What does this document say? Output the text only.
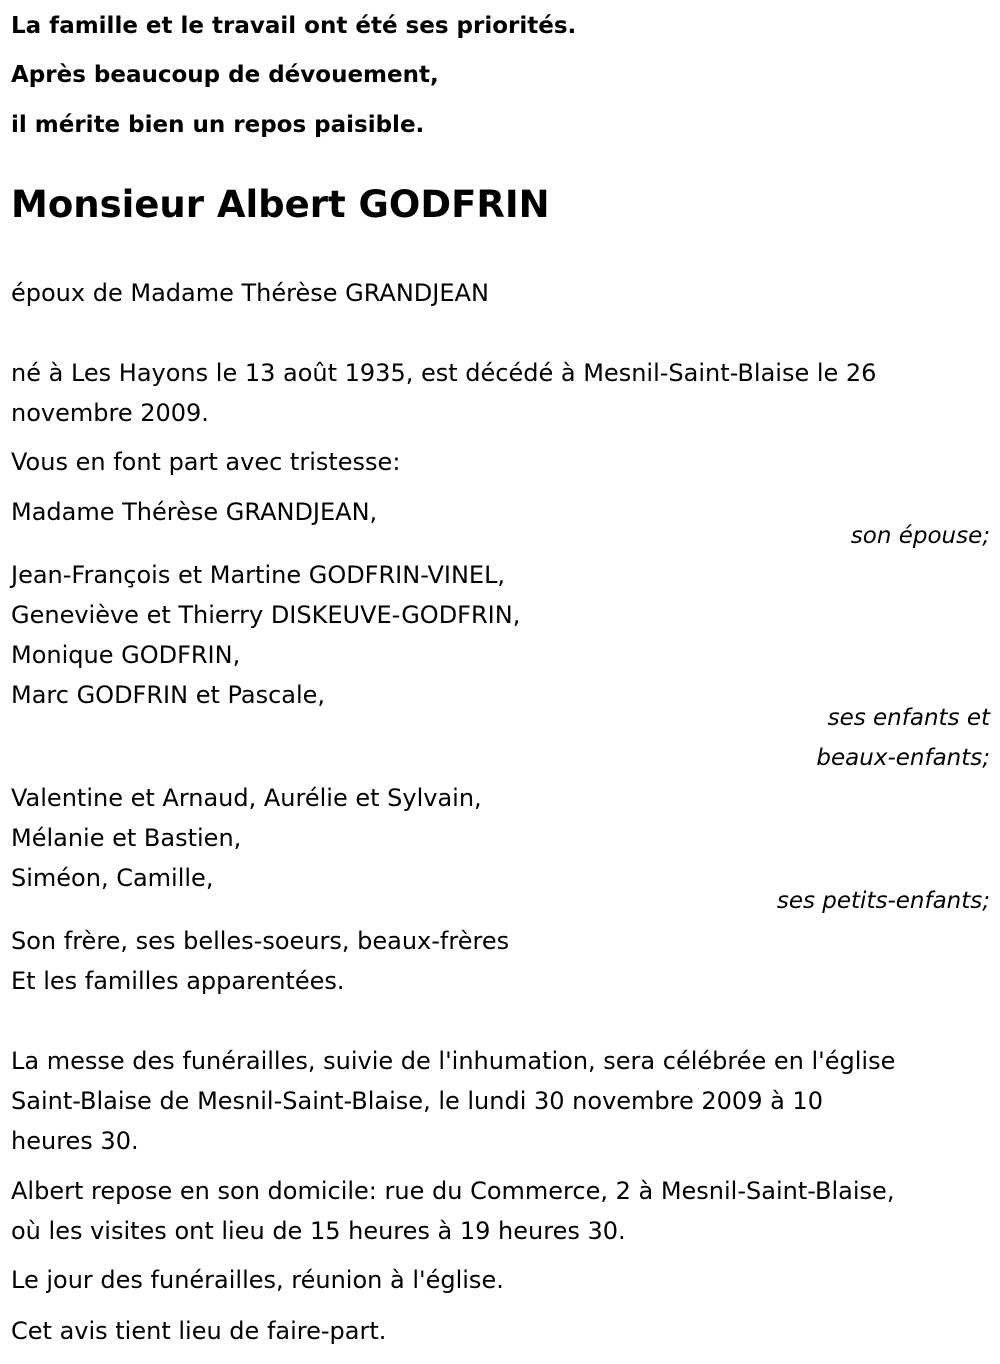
La famille et le travail ont été ses priorités.
Après beaucoup de dévouement,
il mérite bien un repos paisible.
Monsieur Albert GODFRIN
époux de Madame Thérèse GRANDJEAN
né à Les Hayons le 13 août 1935, est décédé à Mesnil-Saint-Blaise le 26
novembre 2009.
Vous en font part avec tristesse:
Madame Thérèse GRANDJEAN,
son épouse;
Jean-François et Martine GODFRIN-VINEL,
Geneviève et Thierry DISKEUVE-GODFRIN,
Monique GODFRIN,
Marc GODFRIN et Pascale,
ses enfants et
beaux-enfants;
Valentine et Arnaud, Aurélie et Sylvain,
Mélanie et Bastien,
Siméon, Camille,
ses petits-enfants;
Son frère, ses belles-soeurs, beaux-frères
Et les familles apparentées.
La messe des funérailles, suivie de l'inhumation, sera célébrée en l'église
Saint-Blaise de Mesnil-Saint-Blaise, le lundi 30 novembre 2009 à 10
heures 30.
Albert repose en son domicile: rue du Commerce, 2 à Mesnil-Saint-Blaise,
où les visites ont lieu de 15 heures à 19 heures 30.
Le jour des funérailles, réunion à l'église.
Cet avis tient lieu de faire-part.
